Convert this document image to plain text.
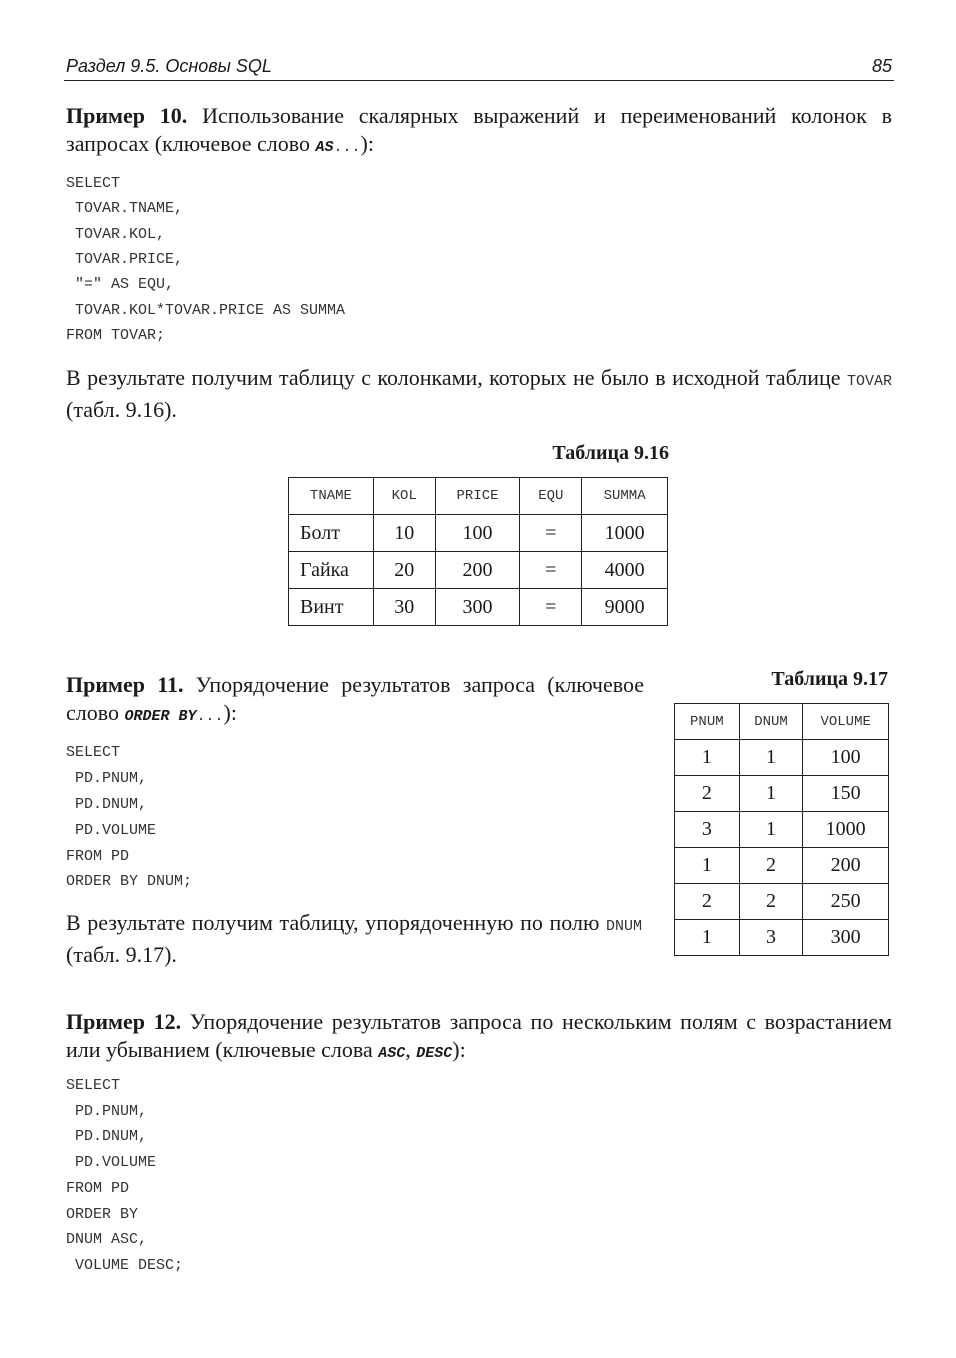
Раздел 9.5. Основы SQL	85
Пример 10. Использование скалярных выражений и переименований колонок в запросах (ключевое слово AS...):
SELECT
TOVAR.TNAME,
TOVAR.KOL,
TOVAR.PRICE,
"=" AS EQU,
TOVAR.KOL*TOVAR.PRICE AS SUMMA
FROM TOVAR;
В результате получим таблицу с колонками, которых не было в исходной таблице TOVAR (табл. 9.16).
Таблица 9.16
TNAME	KOL	PRICE	EQU	SUMMA
Болт	10	100	=	1000
Гайка	20	200	=	4000
Винт	30	300	=	9000
Пример 11. Упорядочение результатов запроса (ключевое слово ORDER BY...):
SELECT
PD.PNUM,
PD.DNUM,
PD.VOLUME
FROM PD
ORDER BY DNUM;
В результате получим таблицу, упорядоченную по полю DNUM (табл. 9.17).
Таблица 9.17
PNUM	DNUM	VOLUME
1	1	100
2	1	150
3	1	1000
1	2	200
2	2	250
1	3	300
Пример 12. Упорядочение результатов запроса по нескольким полям с возрастанием или убыванием (ключевые слова ASC, DESC):
SELECT
PD.PNUM,
PD.DNUM,
PD.VOLUME
FROM PD
ORDER BY
DNUM ASC,
VOLUME DESC;
